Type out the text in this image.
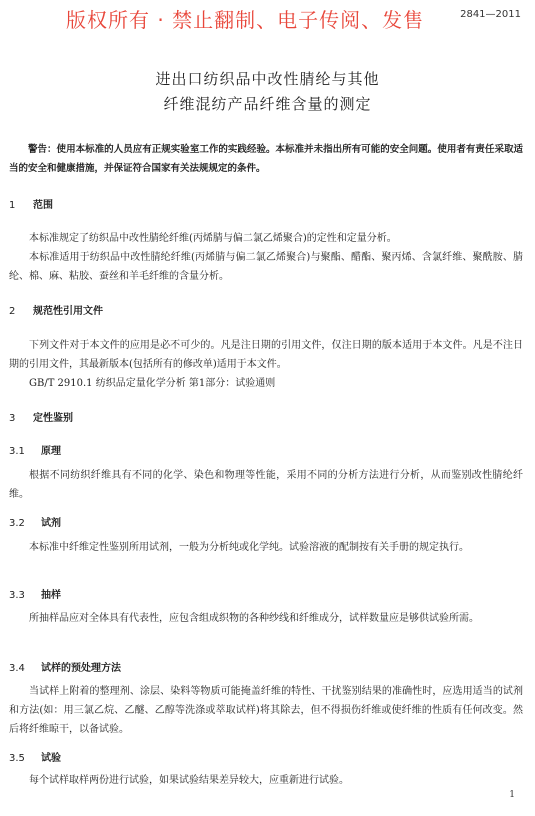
版权所有 · 禁止翻制、电子传阅、发售	2841—2011
进出口纺织品中改性腈纶与其他
纤维混纺产品纤维含量的测定
警告：使用本标准的人员应有正规实验室工作的实践经验。本标准并未指出所有可能的安全问题。使用者有责任采取适当的安全和健康措施，并保证符合国家有关法规规定的条件。
1 范围
本标准规定了纺织品中改性腈纶纤维(丙烯腈与偏二氯乙烯聚合)的定性和定量分析。
本标准适用于纺织品中改性腈纶纤维(丙烯腈与偏二氯乙烯聚合)与聚酯、醋酯、聚丙烯、含氯纤维、聚酰胺、腈纶、棉、麻、粘胶、蚕丝和羊毛纤维的含量分析。
2 规范性引用文件
下列文件对于本文件的应用是必不可少的。凡是注日期的引用文件，仅注日期的版本适用于本文件。凡是不注日期的引用文件，其最新版本(包括所有的修改单)适用于本文件。
GB/T 2910.1 纺织品定量化学分析 第1部分：试验通则
3 定性鉴别
3.1 原理
根据不同纺织纤维具有不同的化学、染色和物理等性能，采用不同的分析方法进行分析，从而鉴别改性腈纶纤维。
3.2 试剂
本标准中纤维定性鉴别所用试剂，一般为分析纯或化学纯。试验溶液的配制按有关手册的规定执行。
3.3 抽样
所抽样品应对全体具有代表性，应包含组成织物的各种纱线和纤维成分，试样数量应是够供试验所需。
3.4 试样的预处理方法
当试样上附着的整理剂、涂层、染料等物质可能掩盖纤维的特性、干扰鉴别结果的准确性时，应选用适当的试剂和方法(如：用三氯乙烷、乙醚、乙醇等洗涤或萃取试样)将其除去，但不得损伤纤维或使纤维的性质有任何改变。然后将纤维晾干，以备试验。
3.5 试验
每个试样取样两份进行试验，如果试验结果差异较大，应重新进行试验。
1
